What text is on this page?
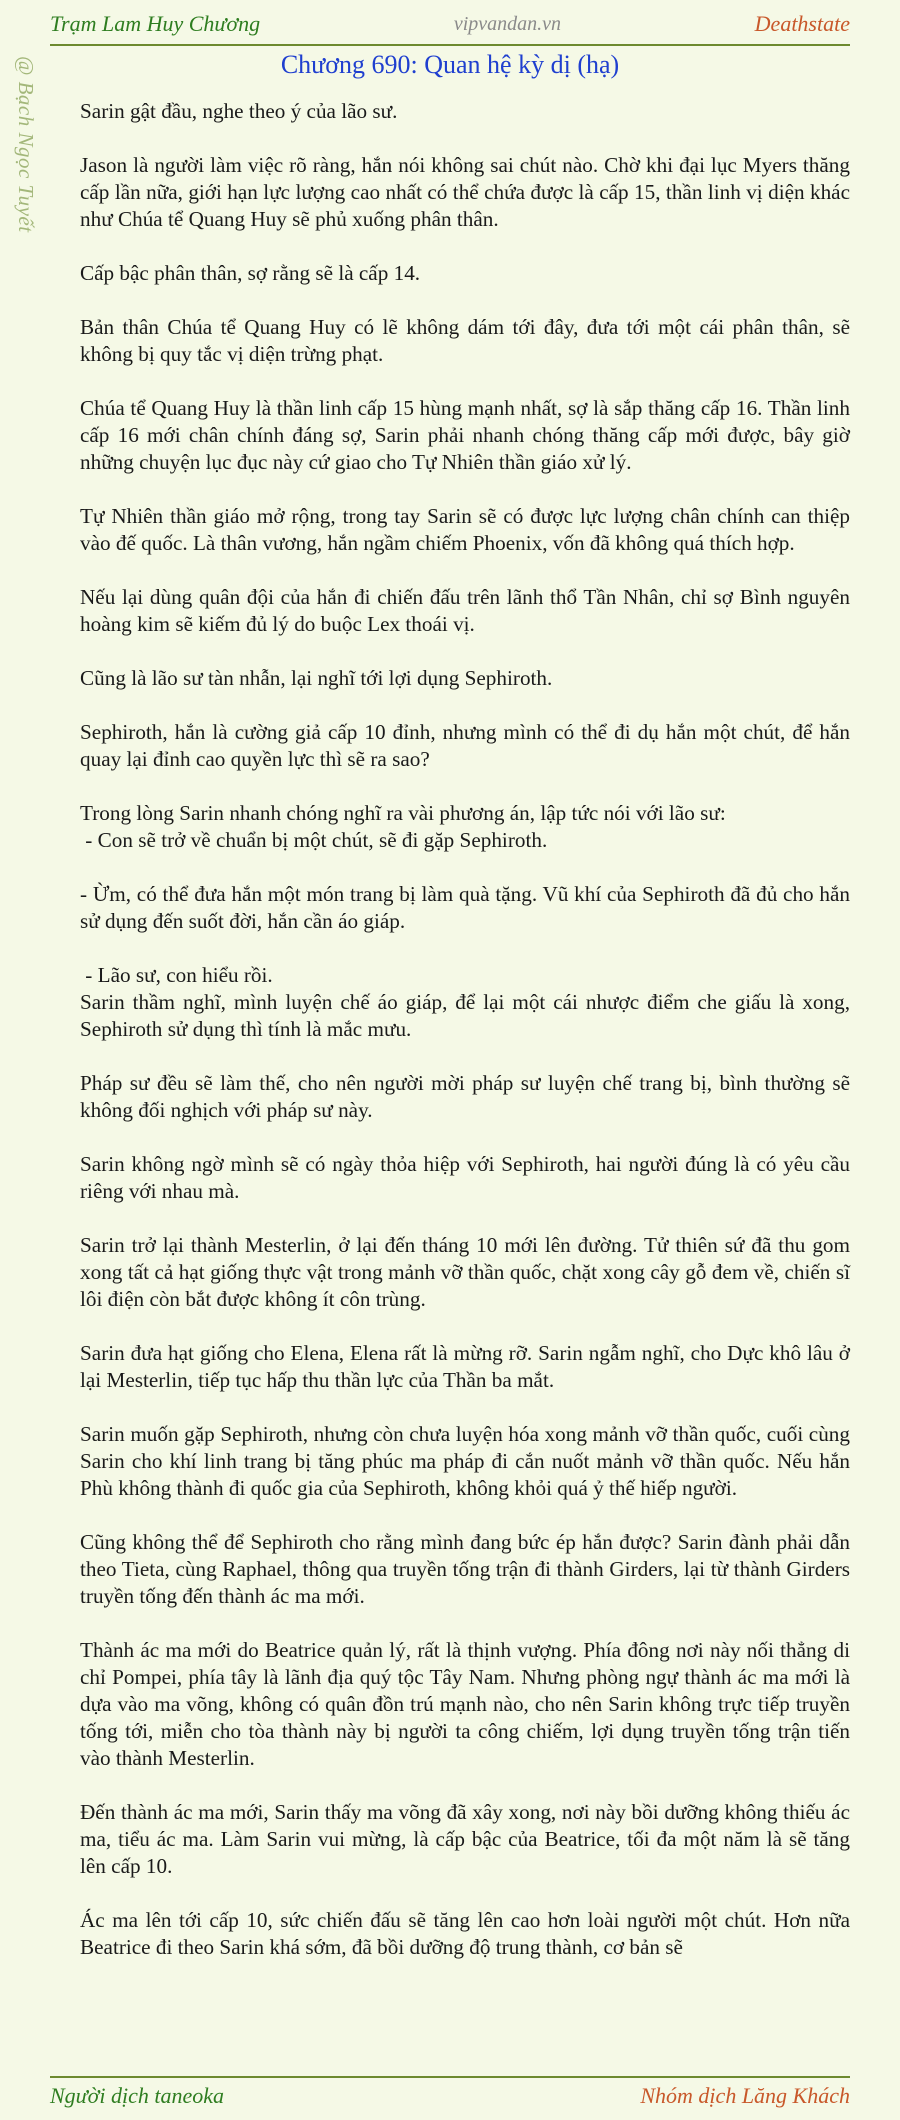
Trạm Lam Huy Chương	vipvandan.vn	Deathstate
@ Bạch Ngọc Tuyết	Chương 690: Quan hệ kỳ dị (hạ)

Sarin gật đầu, nghe theo ý của lão sư.

Jason là người làm việc rõ ràng, hắn nói không sai chút nào. Chờ khi đại lục Myers thăng cấp lần nữa, giới hạn lực lượng cao nhất có thể chứa được là cấp 15, thần linh vị diện khác như Chúa tể Quang Huy sẽ phủ xuống phân thân.

Cấp bậc phân thân, sợ rằng sẽ là cấp 14.

Bản thân Chúa tể Quang Huy có lẽ không dám tới đây, đưa tới một cái phân thân, sẽ không bị quy tắc vị diện trừng phạt.

Chúa tể Quang Huy là thần linh cấp 15 hùng mạnh nhất, sợ là sắp thăng cấp 16. Thần linh cấp 16 mới chân chính đáng sợ, Sarin phải nhanh chóng thăng cấp mới được, bây giờ những chuyện lục đục này cứ giao cho Tự Nhiên thần giáo xử lý.

Tự Nhiên thần giáo mở rộng, trong tay Sarin sẽ có được lực lượng chân chính can thiệp vào đế quốc. Là thân vương, hắn ngầm chiếm Phoenix, vốn đã không quá thích hợp.

Nếu lại dùng quân đội của hắn đi chiến đấu trên lãnh thổ Tần Nhân, chỉ sợ Bình nguyên hoàng kim sẽ kiếm đủ lý do buộc Lex thoái vị.

Cũng là lão sư tàn nhẫn, lại nghĩ tới lợi dụng Sephiroth.

Sephiroth, hắn là cường giả cấp 10 đỉnh, nhưng mình có thể đi dụ hắn một chút, để hắn quay lại đỉnh cao quyền lực thì sẽ ra sao?

Trong lòng Sarin nhanh chóng nghĩ ra vài phương án, lập tức nói với lão sư:

- Con sẽ trở về chuẩn bị một chút, sẽ đi gặp Sephiroth.

- Ừm, có thể đưa hắn một món trang bị làm quà tặng. Vũ khí của Sephiroth đã đủ cho hắn sử dụng đến suốt đời, hắn cần áo giáp.

- Lão sư, con hiểu rồi.

Sarin thầm nghĩ, mình luyện chế áo giáp, để lại một cái nhược điểm che giấu là xong, Sephiroth sử dụng thì tính là mắc mưu.

Pháp sư đều sẽ làm thế, cho nên người mời pháp sư luyện chế trang bị, bình thường sẽ không đối nghịch với pháp sư này.

Sarin không ngờ mình sẽ có ngày thỏa hiệp với Sephiroth, hai người đúng là có yêu cầu riêng với nhau mà.

Sarin trở lại thành Mesterlin, ở lại đến tháng 10 mới lên đường. Tử thiên sứ đã thu gom xong tất cả hạt giống thực vật trong mảnh vỡ thần quốc, chặt xong cây gỗ đem về, chiến sĩ lôi điện còn bắt được không ít côn trùng.

Sarin đưa hạt giống cho Elena, Elena rất là mừng rỡ. Sarin ngẫm nghĩ, cho Dực khô lâu ở lại Mesterlin, tiếp tục hấp thu thần lực của Thần ba mắt.

Sarin muốn gặp Sephiroth, nhưng còn chưa luyện hóa xong mảnh vỡ thần quốc, cuối cùng Sarin cho khí linh trang bị tăng phúc ma pháp đi cắn nuốt mảnh vỡ thần quốc. Nếu hắn Phù không thành đi quốc gia của Sephiroth, không khỏi quá ỷ thế hiếp người.

Cũng không thể để Sephiroth cho rằng mình đang bức ép hắn được? Sarin đành phải dẫn theo Tieta, cùng Raphael, thông qua truyền tống trận đi thành Girders, lại từ thành Girders truyền tống đến thành ác ma mới.

Thành ác ma mới do Beatrice quản lý, rất là thịnh vượng. Phía đông nơi này nối thẳng di chỉ Pompei, phía tây là lãnh địa quý tộc Tây Nam. Nhưng phòng ngự thành ác ma mới là dựa vào ma võng, không có quân đồn trú mạnh nào, cho nên Sarin không trực tiếp truyền tống tới, miễn cho tòa thành này bị người ta công chiếm, lợi dụng truyền tống trận tiến vào thành Mesterlin.

Đến thành ác ma mới, Sarin thấy ma võng đã xây xong, nơi này bồi dưỡng không thiếu ác ma, tiểu ác ma. Làm Sarin vui mừng, là cấp bậc của Beatrice, tối đa một năm là sẽ tăng lên cấp 10.

Ác ma lên tới cấp 10, sức chiến đấu sẽ tăng lên cao hơn loài người một chút. Hơn nữa Beatrice đi theo Sarin khá sớm, đã bồi dưỡng độ trung thành, cơ bản sẽ

Người dịch taneoka	Nhóm dịch Lăng Khách
